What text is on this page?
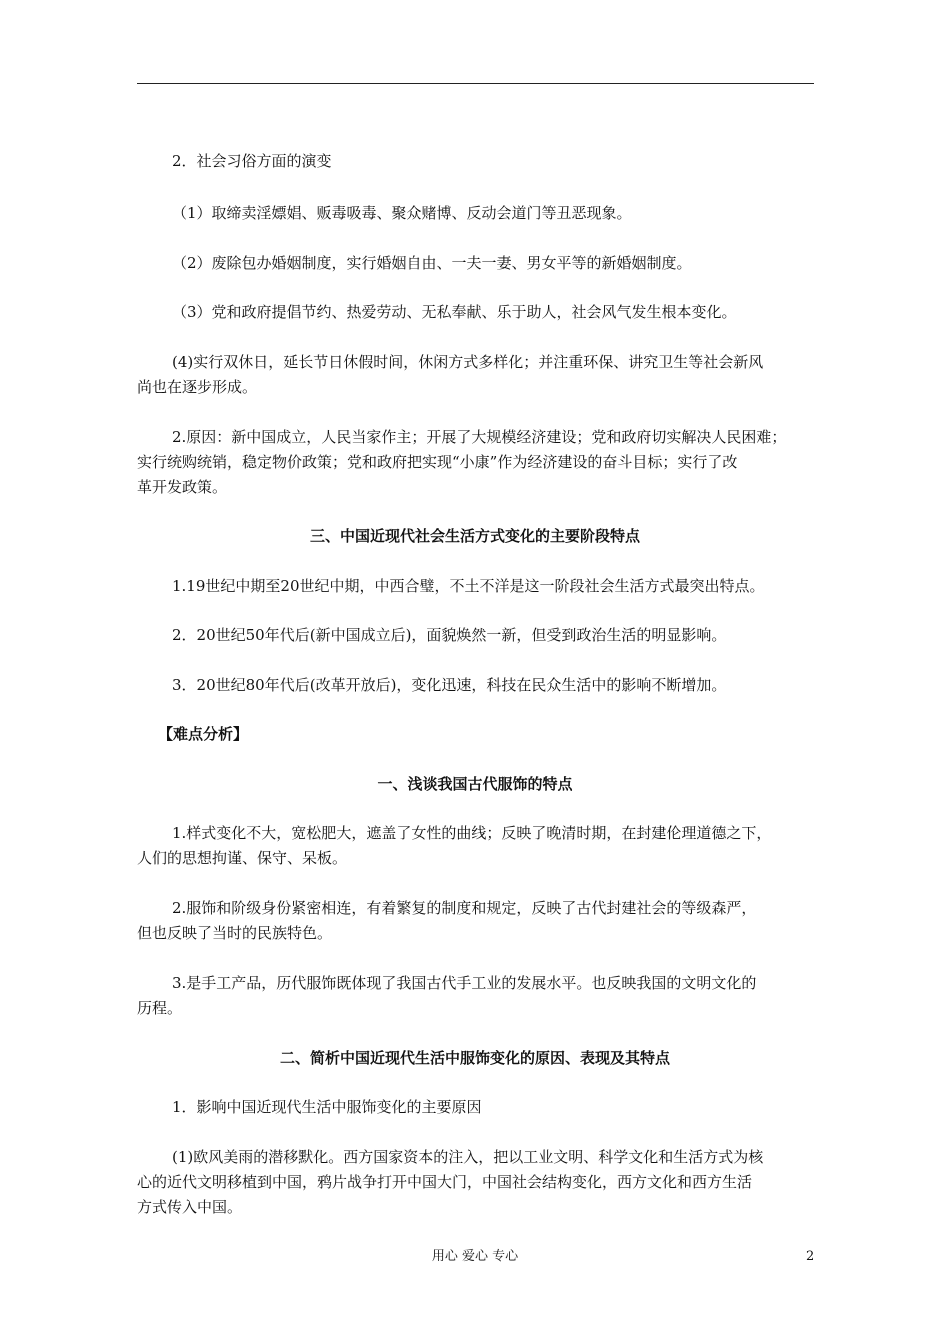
2．社会习俗方面的演变
（1）取缔卖淫嫖娼、贩毒吸毒、聚众赌博、反动会道门等丑恶现象。
（2）废除包办婚姻制度，实行婚姻自由、一夫一妻、男女平等的新婚姻制度。
（3）党和政府提倡节约、热爱劳动、无私奉献、乐于助人，社会风气发生根本变化。
(4)实行双休日，延长节日休假时间，休闲方式多样化；并注重环保、讲究卫生等社会新风
尚也在逐步形成。
2.原因：新中国成立，人民当家作主；开展了大规模经济建设；党和政府切实解决人民困难；
实行统购统销，稳定物价政策；党和政府把实现“小康”作为经济建设的奋斗目标；实行了改
革开发政策。
三、中国近现代社会生活方式变化的主要阶段特点
1.19世纪中期至20世纪中期，中西合璧，不土不洋是这一阶段社会生活方式最突出特点。
2．20世纪50年代后(新中国成立后)，面貌焕然一新，但受到政治生活的明显影响。
3．20世纪80年代后(改革开放后)，变化迅速，科技在民众生活中的影响不断增加。
【难点分析】
一、浅谈我国古代服饰的特点
1.样式变化不大，宽松肥大，遮盖了女性的曲线；反映了晚清时期，在封建伦理道德之下，
人们的思想拘谨、保守、呆板。
2.服饰和阶级身份紧密相连，有着繁复的制度和规定，反映了古代封建社会的等级森严，
但也反映了当时的民族特色。
3.是手工产品，历代服饰既体现了我国古代手工业的发展水平。也反映我国的文明文化的
历程。
二、简析中国近现代生活中服饰变化的原因、表现及其特点
1．影响中国近现代生活中服饰变化的主要原因
(1)欧风美雨的潜移默化。西方国家资本的注入，把以工业文明、科学文化和生活方式为核
心的近代文明移植到中国，鸦片战争打开中国大门，中国社会结构变化，西方文化和西方生活
方式传入中国。
用心 爱心 专心	2
